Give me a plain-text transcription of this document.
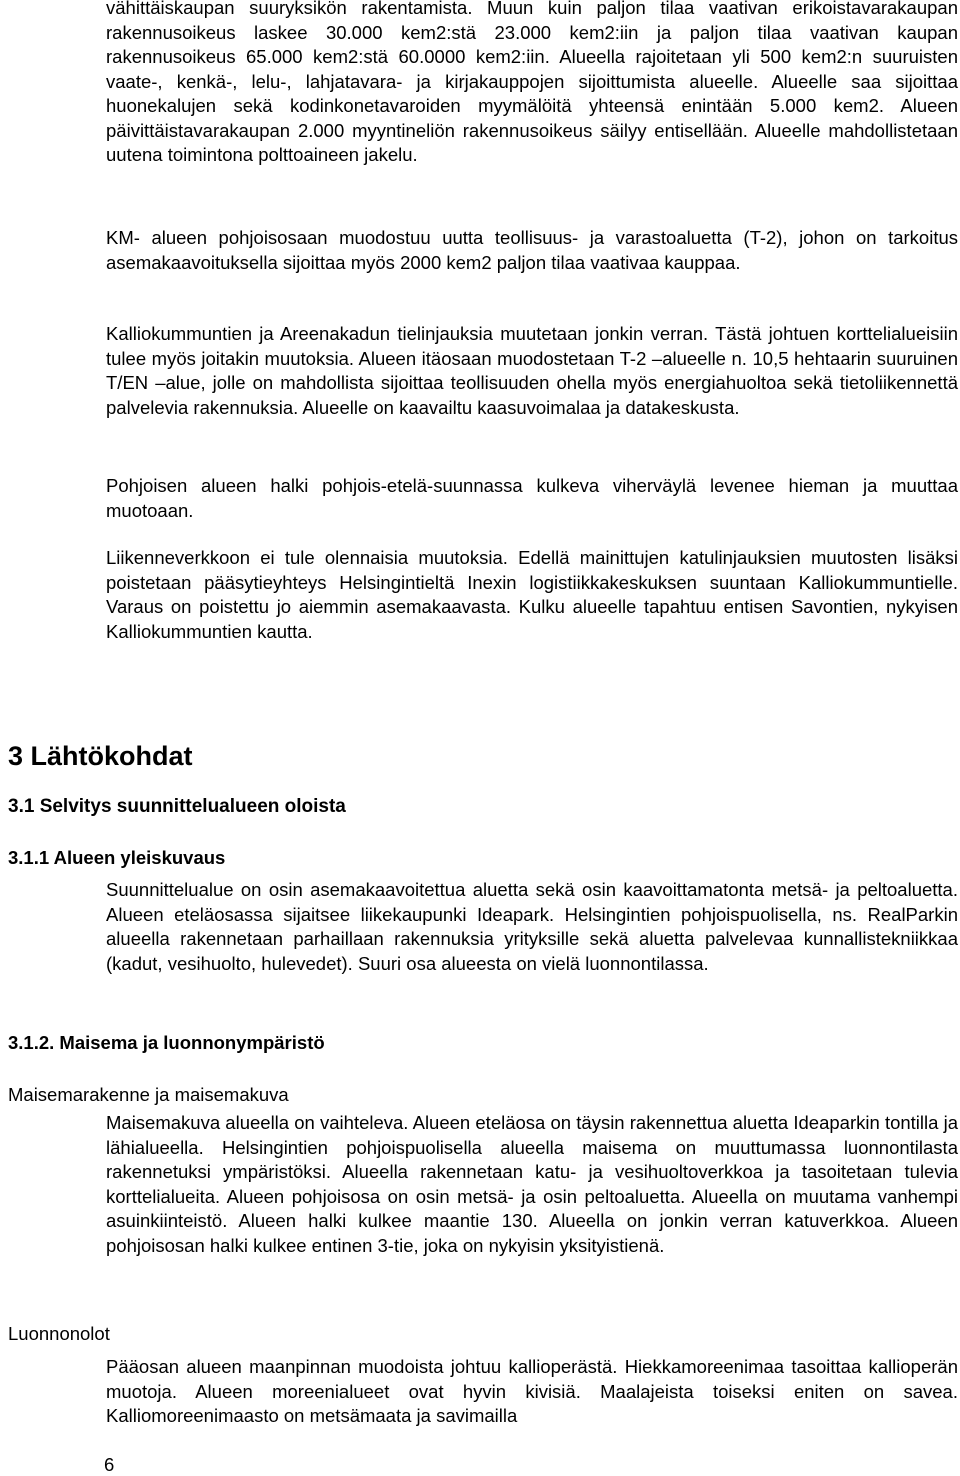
vähittäiskaupan suuryksikön rakentamista. Muun kuin paljon tilaa vaativan erikoistavarakaupan rakennusoikeus laskee 30.000 kem2:stä 23.000 kem2:iin ja paljon tilaa vaativan kaupan rakennusoikeus 65.000 kem2:stä 60.0000 kem2:iin. Alueella rajoitetaan yli 500 kem2:n suuruisten vaate-, kenkä-, lelu-, lahjatavara- ja kirjakauppojen sijoittumista alueelle. Alueelle saa sijoittaa huonekalujen sekä kodinkonetavaroiden myymälöitä yhteensä enintään 5.000 kem2. Alueen päivittäistavarakaupan 2.000 myyntineliön rakennusoikeus säilyy entisellään. Alueelle mahdollistetaan uutena toimintona polttoaineen jakelu.

KM- alueen pohjoisosaan muodostuu uutta teollisuus- ja varastoaluetta (T-2), johon on tarkoitus asemakaavoituksella sijoittaa myös 2000 kem2 paljon tilaa vaativaa kauppaa.

Kalliokummuntien ja Areenakadun tielinjauksia muutetaan jonkin verran. Tästä johtuen korttelialueisiin tulee myös joitakin muutoksia. Alueen itäosaan muodostetaan T-2 –alueelle n. 10,5 hehtaarin suuruinen T/EN –alue, jolle on mahdollista sijoittaa teollisuuden ohella myös energiahuoltoa sekä tietoliikennettä palvelevia rakennuksia. Alueelle on kaavailtu kaasuvoimalaa ja datakeskusta.

Pohjoisen alueen halki pohjois-etelä-suunnassa kulkeva viherväylä levenee hieman ja muuttaa muotoaan.

Liikenneverkkoon ei tule olennaisia muutoksia. Edellä mainittujen katulinjauksien muutosten lisäksi poistetaan pääsytieyhteys Helsingintieltä Inexin logistiikkakeskuksen suuntaan Kalliokummuntielle. Varaus on poistettu jo aiemmin asemakaavasta. Kulku alueelle tapahtuu entisen Savontien, nykyisen Kalliokummuntien kautta.

3 Lähtökohdat
3.1 Selvitys suunnittelualueen oloista
3.1.1 Alueen yleiskuvaus

Suunnittelualue on osin asemakaavoitettua aluetta sekä osin kaavoittamatonta metsä- ja peltoaluetta. Alueen eteläosassa sijaitsee liikekaupunki Ideapark. Helsingintien pohjoispuolisella, ns. RealParkin alueella rakennetaan parhaillaan rakennuksia yrityksille sekä aluetta palvelevaa kunnallistekniikkaa (kadut, vesihuolto, hulevedet). Suuri osa alueesta on vielä luonnontilassa.

3.1.2. Maisema ja luonnonympäristö
Maisemarakenne ja maisemakuva

Maisemakuva alueella on vaihteleva. Alueen eteläosa on täysin rakennettua aluetta Ideaparkin tontilla ja lähialueella. Helsingintien pohjoispuolisella alueella maisema on muuttumassa luonnontilasta rakennetuksi ympäristöksi. Alueella rakennetaan katu- ja vesihuoltoverkkoa ja tasoitetaan tulevia korttelialueita. Alueen pohjoisosa on osin metsä- ja osin peltoaluetta. Alueella on muutama vanhempi asuinkiinteistö. Alueen halki kulkee maantie 130. Alueella on jonkin verran katuverkkoa. Alueen pohjoisosan halki kulkee entinen 3-tie, joka on nykyisin yksityistienä.

Luonnonolot

Pääosan alueen maanpinnan muodoista johtuu kallioperästä. Hiekkamoreenimaa tasoittaa kallioperän muotoja. Alueen moreenialueet ovat hyvin kivisiä. Maalajeista toiseksi eniten on savea. Kalliomoreenimaasto on metsämaata ja savimailla

6
